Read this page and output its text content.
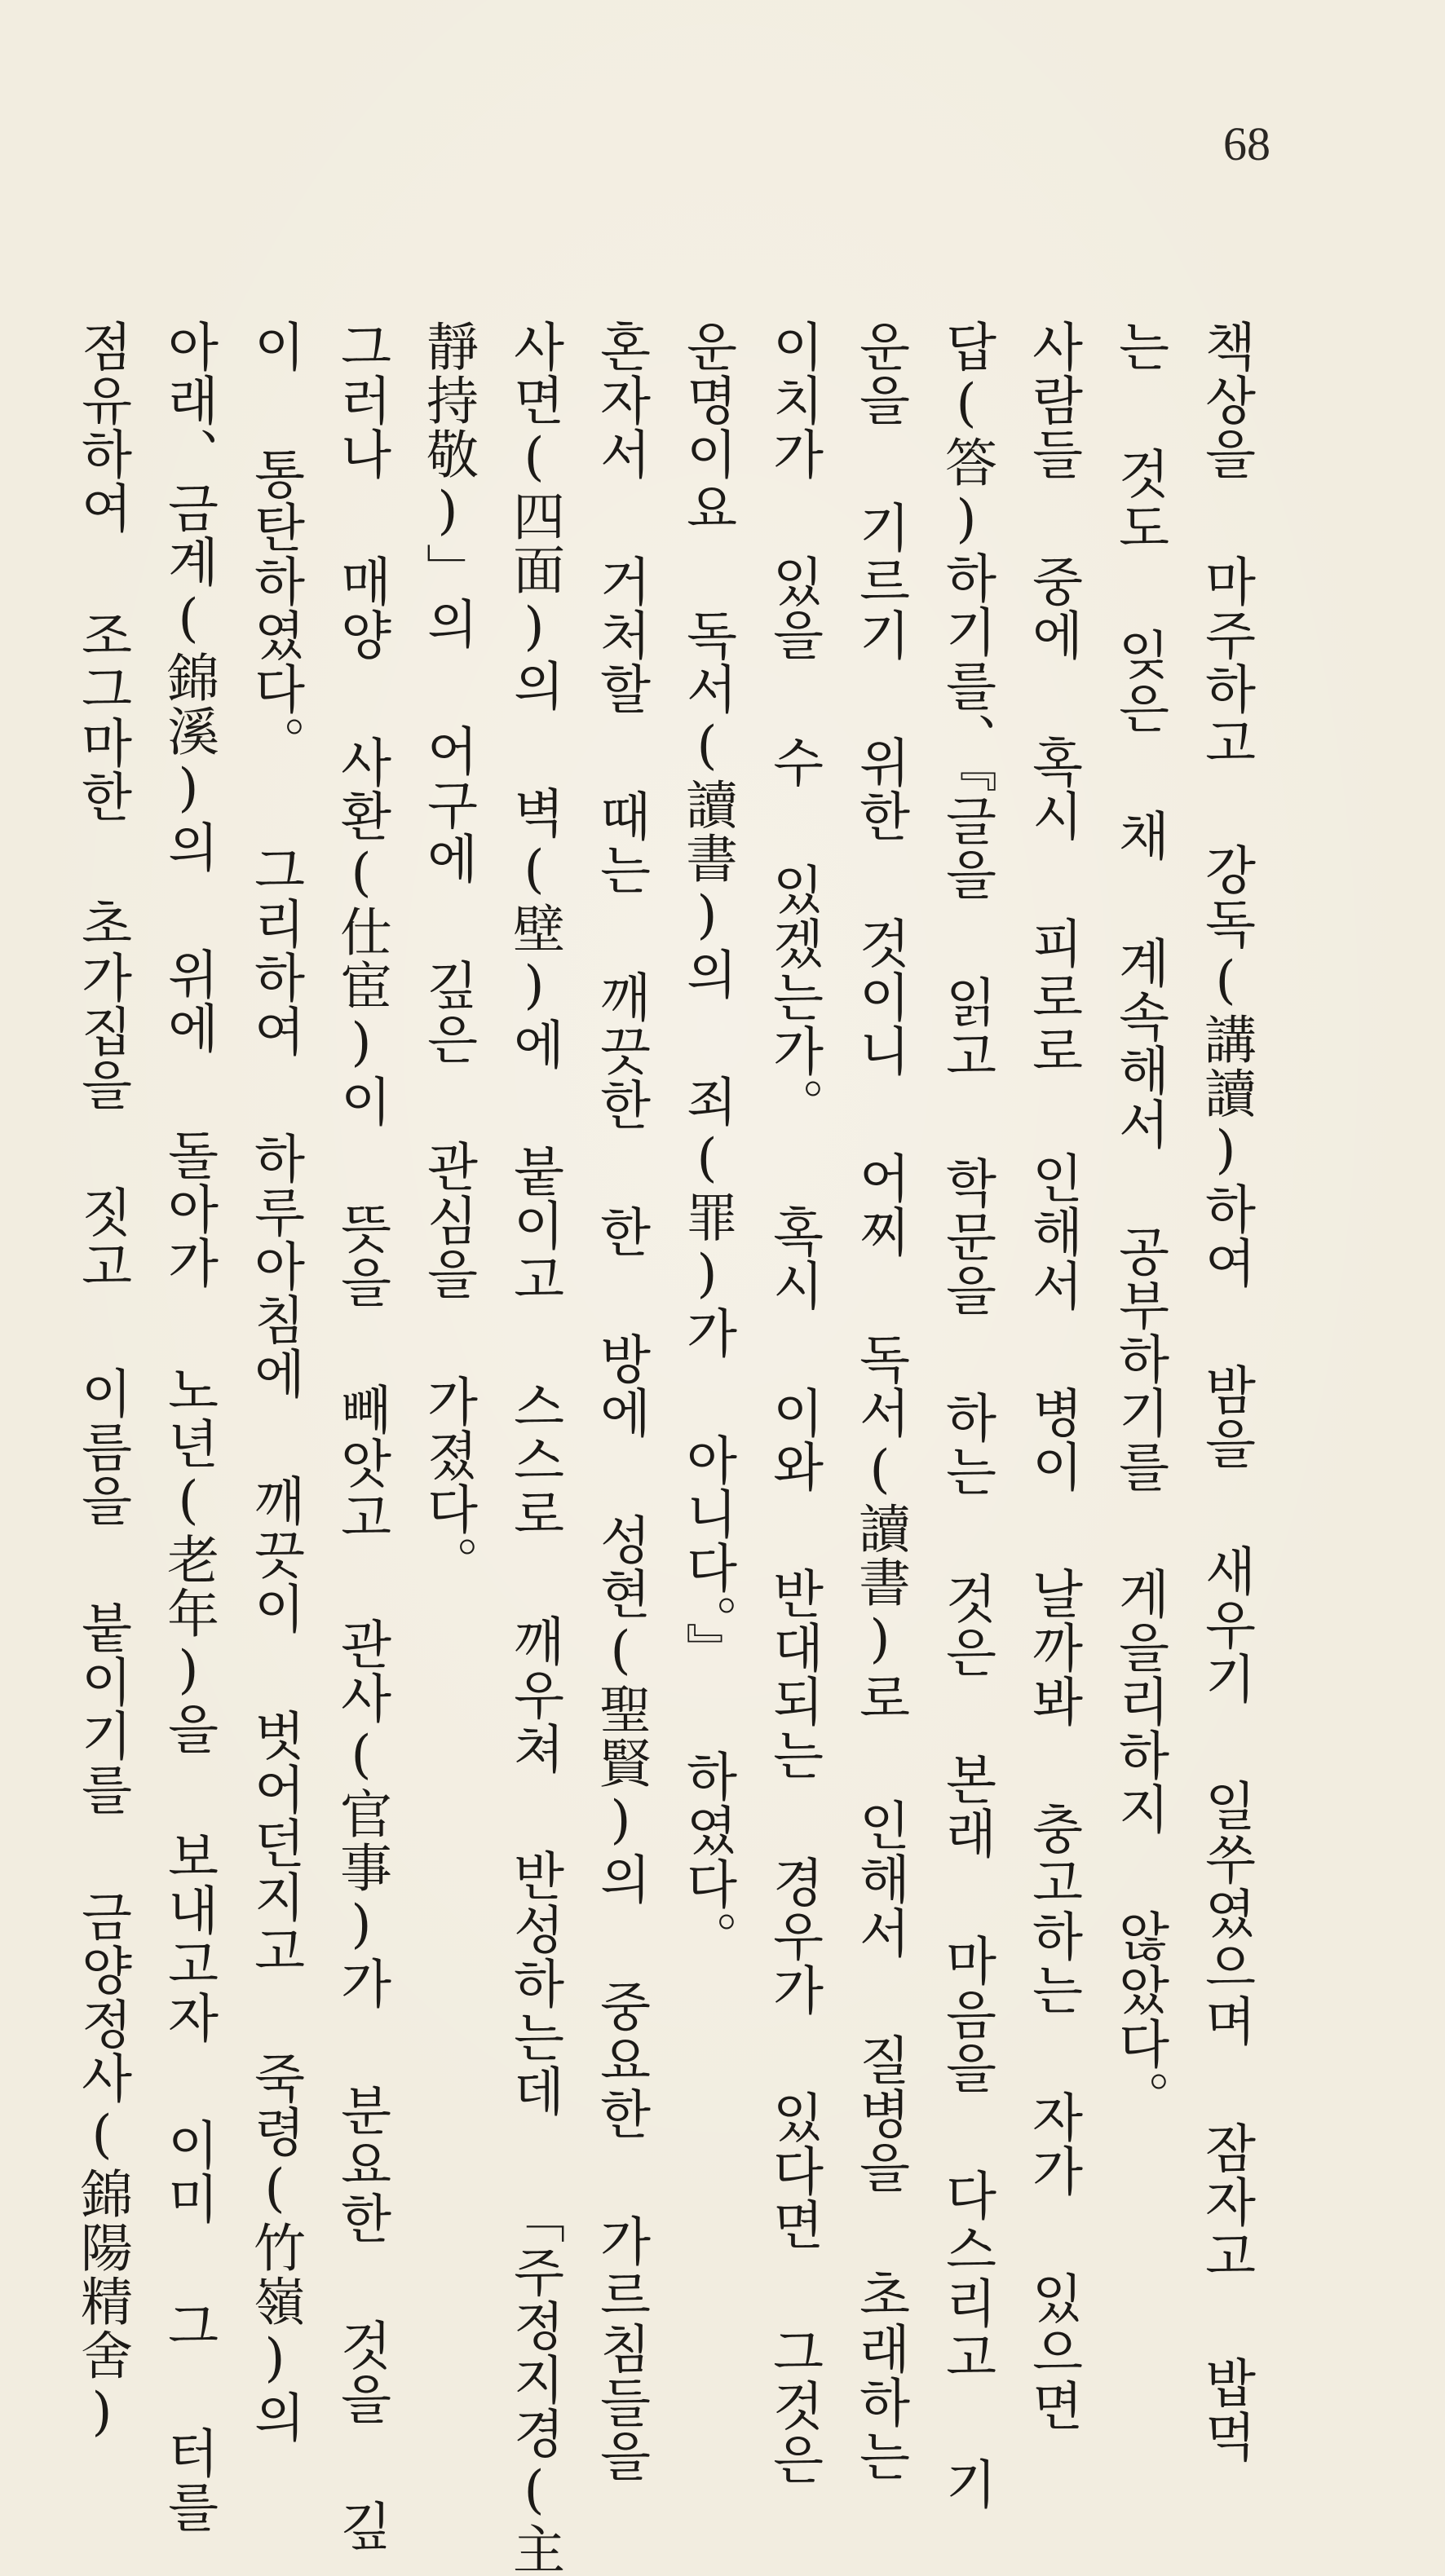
68
책상을 마주하고 강독(講讀)하여 밤을 새우기 일쑤였으며 잠자고 밥먹
는 것도 잊은 채 계속해서 공부하기를 게을리하지 않았다。
사람들 중에 혹시 피로로 인해서 병이 날까봐 충고하는 자가 있으면
답(答)하기를、『글을 읽고 학문을 하는 것은 본래 마음을 다스리고 기
운을 기르기 위한 것이니 어찌 독서(讀書)로 인해서 질병을 초래하는
이치가 있을 수 있겠는가。 혹시 이와 반대되는 경우가 있다면 그것은
운명이요 독서(讀書)의 죄(罪)가 아니다。』 하였다。
혼자서 거처할 때는 깨끗한 한 방에 성현(聖賢)의 중요한 가르침들을
사면(四面)의 벽(壁)에 붙이고 스스로 깨우쳐 반성하는데 「주정지경(主
靜持敬)」의 어구에 깊은 관심을 가졌다。
그러나 매양 사환(仕宦)이 뜻을 빼앗고 관사(官事)가 분요한 것을 깊
이 통탄하였다。 그리하여 하루아침에 깨끗이 벗어던지고 죽령(竹嶺)의
아래、금계(錦溪)의 위에 돌아가 노년(老年)을 보내고자 이미 그 터를
점유하여 조그마한 초가집을 짓고 이름을 붙이기를 금양정사(錦陽精舍)
